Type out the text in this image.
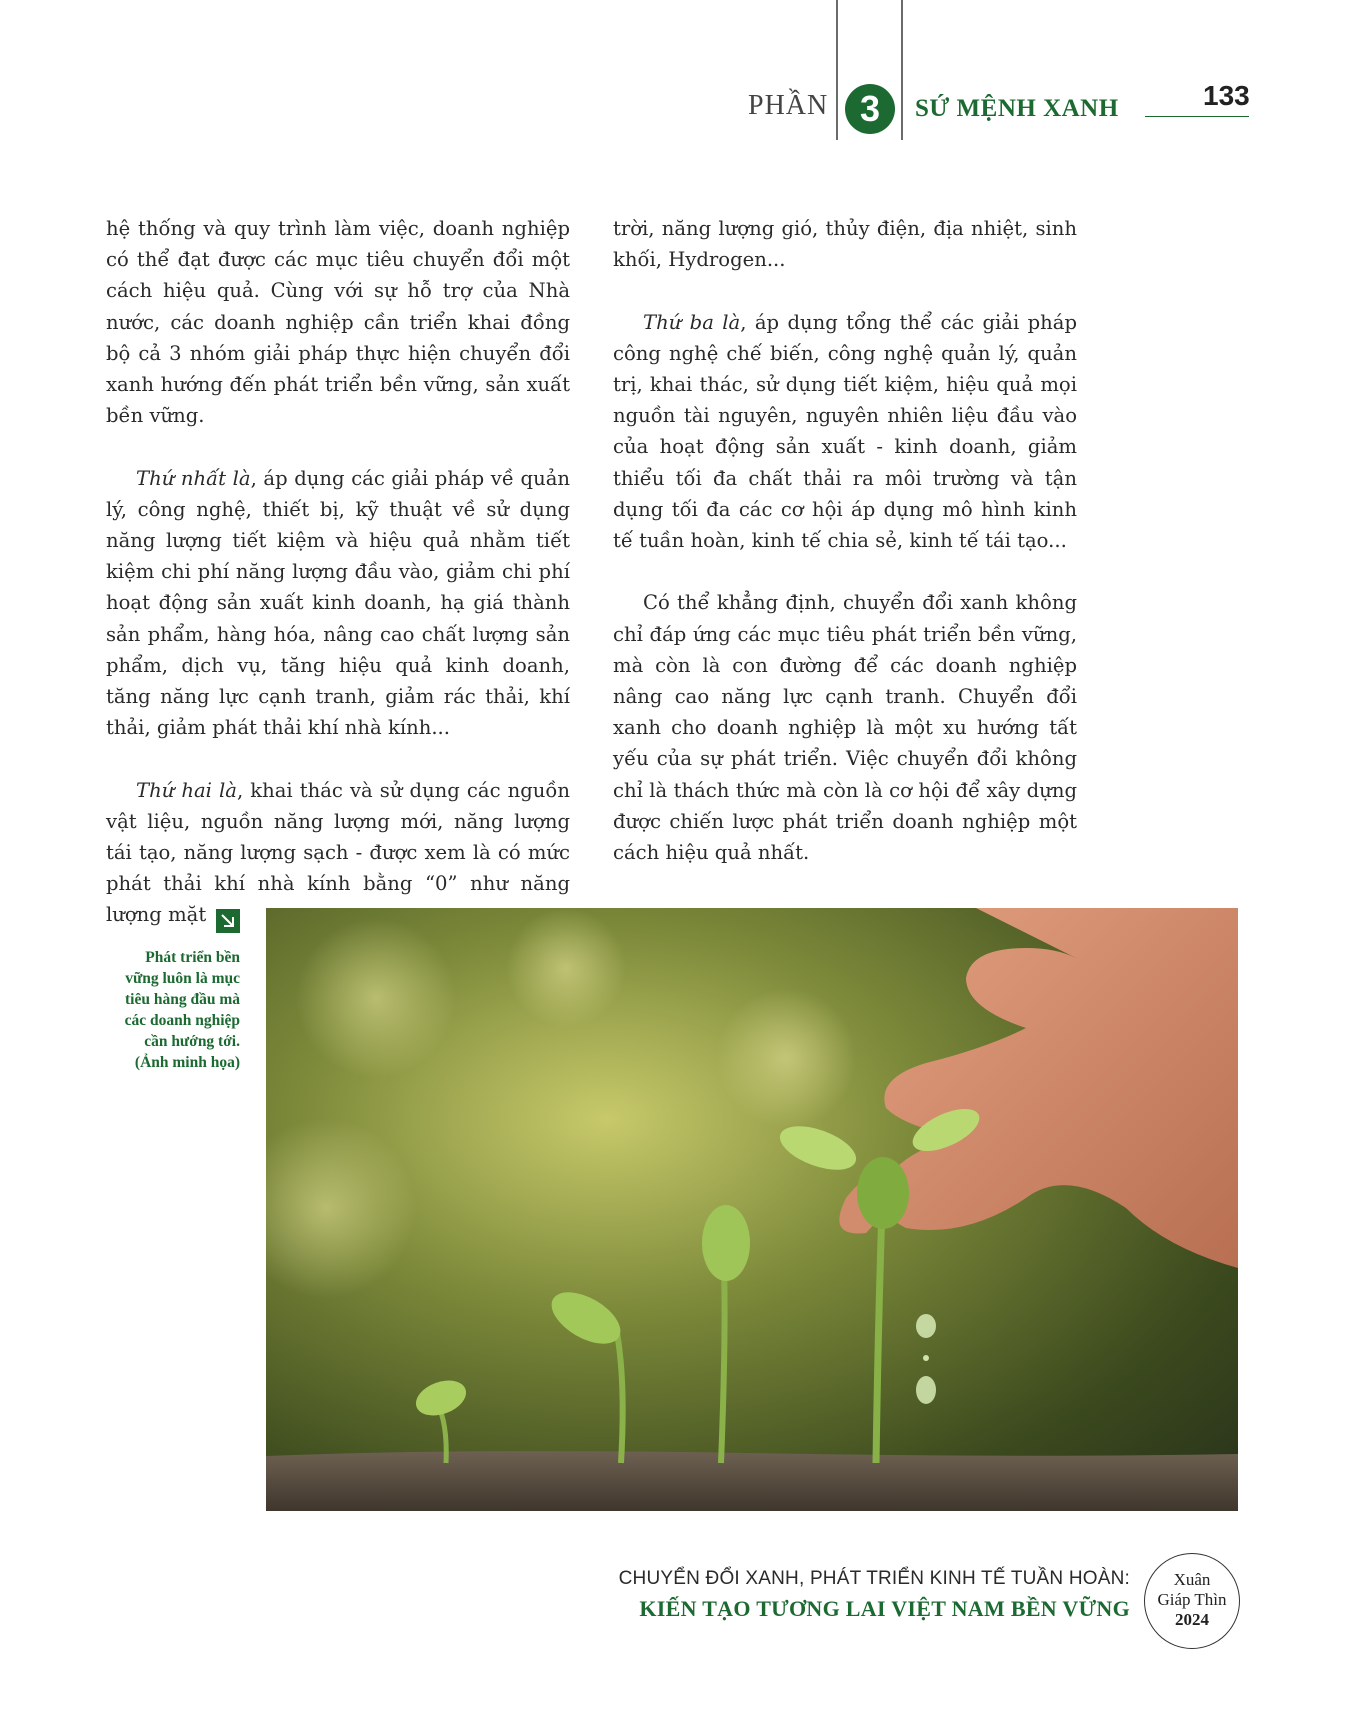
PHẦN 3	SỨ MỆNH XANH	133

hệ thống và quy trình làm việc, doanh nghiệp có thể đạt được các mục tiêu chuyển đổi một cách hiệu quả. Cùng với sự hỗ trợ của Nhà nước, các doanh nghiệp cần triển khai đồng bộ cả 3 nhóm giải pháp thực hiện chuyển đổi xanh hướng đến phát triển bền vững, sản xuất bền vững.

Thứ nhất là, áp dụng các giải pháp về quản lý, công nghệ, thiết bị, kỹ thuật về sử dụng năng lượng tiết kiệm và hiệu quả nhằm tiết kiệm chi phí năng lượng đầu vào, giảm chi phí hoạt động sản xuất kinh doanh, hạ giá thành sản phẩm, hàng hóa, nâng cao chất lượng sản phẩm, dịch vụ, tăng hiệu quả kinh doanh, tăng năng lực cạnh tranh, giảm rác thải, khí thải, giảm phát thải khí nhà kính...

Thứ hai là, khai thác và sử dụng các nguồn vật liệu, nguồn năng lượng mới, năng lượng tái tạo, năng lượng sạch - được xem là có mức phát thải khí nhà kính bằng “0” như năng lượng mặt

trời, năng lượng gió, thủy điện, địa nhiệt, sinh khối, Hydrogen...

Thứ ba là, áp dụng tổng thể các giải pháp công nghệ chế biến, công nghệ quản lý, quản trị, khai thác, sử dụng tiết kiệm, hiệu quả mọi nguồn tài nguyên, nguyên nhiên liệu đầu vào của hoạt động sản xuất - kinh doanh, giảm thiểu tối đa chất thải ra môi trường và tận dụng tối đa các cơ hội áp dụng mô hình kinh tế tuần hoàn, kinh tế chia sẻ, kinh tế tái tạo...

Có thể khẳng định, chuyển đổi xanh không chỉ đáp ứng các mục tiêu phát triển bền vững, mà còn là con đường để các doanh nghiệp nâng cao năng lực cạnh tranh. Chuyển đổi xanh cho doanh nghiệp là một xu hướng tất yếu của sự phát triển. Việc chuyển đổi không chỉ là thách thức mà còn là cơ hội để xây dựng được chiến lược phát triển doanh nghiệp một cách hiệu quả nhất.

Phát triển bền vững luôn là mục tiêu hàng đầu mà các doanh nghiệp cần hướng tới. (Ảnh minh họa)
CHUYỂN ĐỔI XANH, PHÁT TRIỂN KINH TẾ TUẦN HOÀN:
KIẾN TẠO TƯƠNG LAI VIỆT NAM BỀN VỮNG
Xuân
Giáp Thìn
2024
